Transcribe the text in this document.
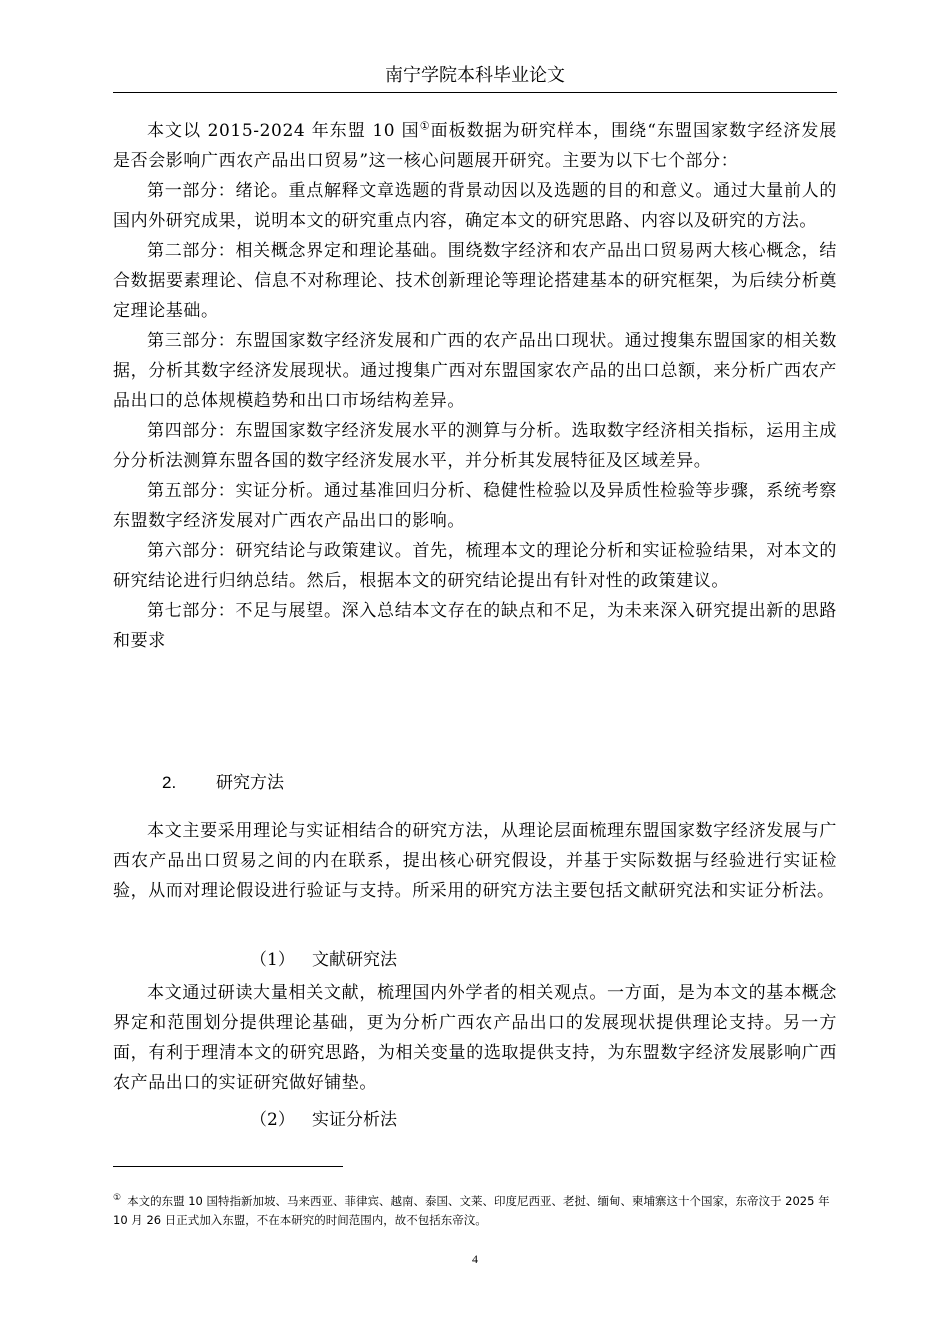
南宁学院本科毕业论文

本文以 2015-2024 年东盟 10 国①面板数据为研究样本，围绕“东盟国家数字经济发展是否会影响广西农产品出口贸易”这一核心问题展开研究。主要为以下七个部分：

第一部分：绪论。重点解释文章选题的背景动因以及选题的目的和意义。通过大量前人的国内外研究成果，说明本文的研究重点内容，确定本文的研究思路、内容以及研究的方法。

第二部分：相关概念界定和理论基础。围绕数字经济和农产品出口贸易两大核心概念，结合数据要素理论、信息不对称理论、技术创新理论等理论搭建基本的研究框架，为后续分析奠定理论基础。

第三部分：东盟国家数字经济发展和广西的农产品出口现状。通过搜集东盟国家的相关数据，分析其数字经济发展现状。通过搜集广西对东盟国家农产品的出口总额，来分析广西农产品出口的总体规模趋势和出口市场结构差异。

第四部分：东盟国家数字经济发展水平的测算与分析。选取数字经济相关指标，运用主成分分析法测算东盟各国的数字经济发展水平，并分析其发展特征及区域差异。

第五部分：实证分析。通过基准回归分析、稳健性检验以及异质性检验等步骤，系统考察东盟数字经济发展对广西农产品出口的影响。

第六部分：研究结论与政策建议。首先，梳理本文的理论分析和实证检验结果，对本文的研究结论进行归纳总结。然后，根据本文的研究结论提出有针对性的政策建议。

第七部分：不足与展望。深入总结本文存在的缺点和不足，为未来深入研究提出新的思路和要求

2. 研究方法

本文主要采用理论与实证相结合的研究方法，从理论层面梳理东盟国家数字经济发展与广西农产品出口贸易之间的内在联系，提出核心研究假设，并基于实际数据与经验进行实证检验，从而对理论假设进行验证与支持。所采用的研究方法主要包括文献研究法和实证分析法。

（1） 文献研究法

本文通过研读大量相关文献，梳理国内外学者的相关观点。一方面，是为本文的基本概念界定和范围划分提供理论基础，更为分析广西农产品出口的发展现状提供理论支持。另一方面，有利于理清本文的研究思路，为相关变量的选取提供支持，为东盟数字经济发展影响广西农产品出口的实证研究做好铺垫。

（2） 实证分析法
① 本文的东盟 10 国特指新加坡、马来西亚、菲律宾、越南、泰国、文莱、印度尼西亚、老挝、缅甸、柬埔寨这十个国家，东帝汶于 2025 年 10 月 26 日正式加入东盟，不在本研究的时间范围内，故不包括东帝汶。
4
